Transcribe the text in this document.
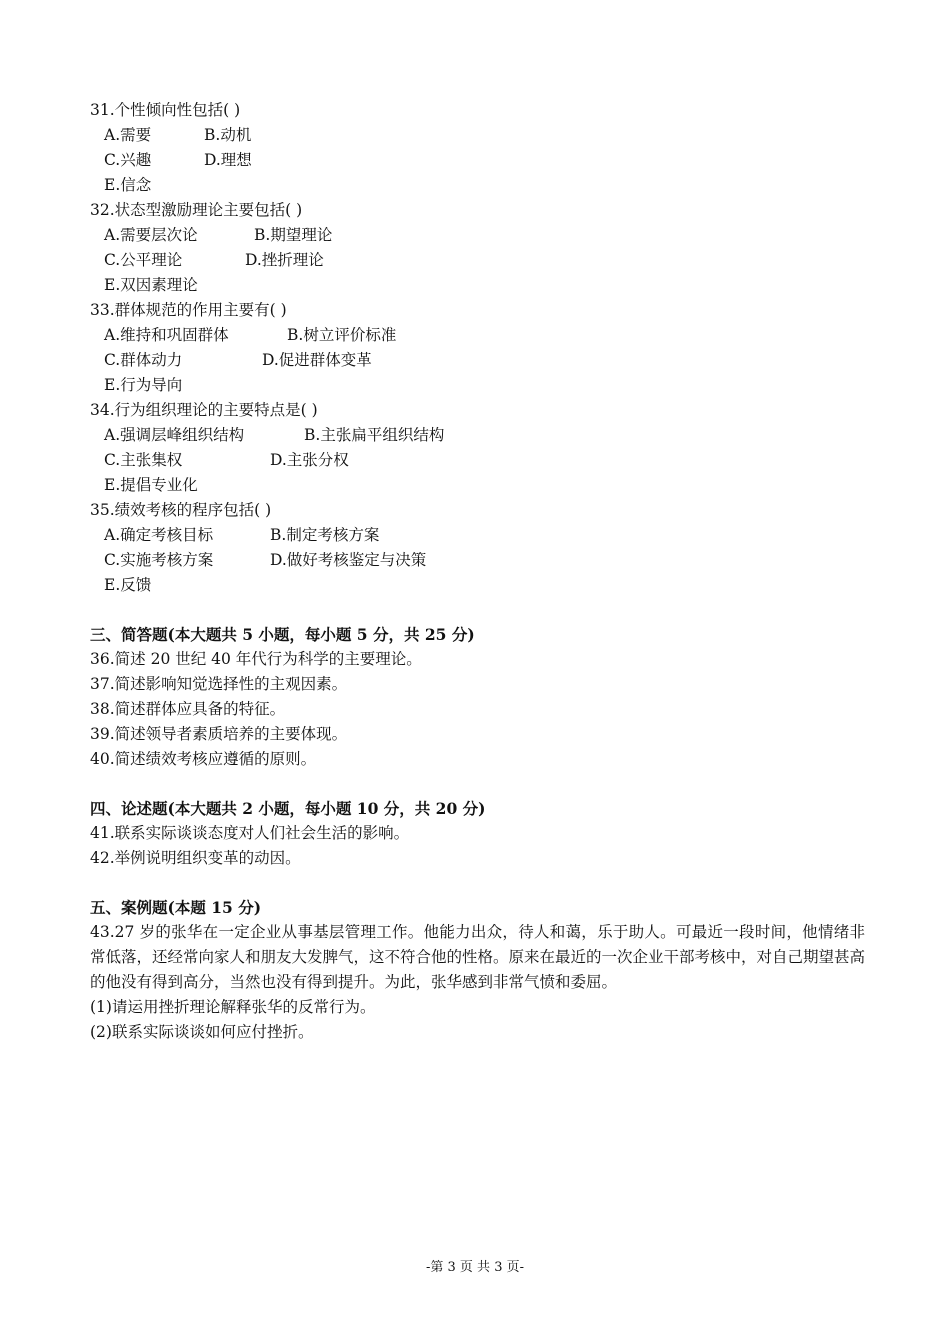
31.个性倾向性包括( )
A.需要	B.动机
C.兴趣	D.理想
E.信念
32.状态型激励理论主要包括( )
A.需要层次论	B.期望理论
C.公平理论	D.挫折理论
E.双因素理论
33.群体规范的作用主要有( )
A.维持和巩固群体	B.树立评价标准
C.群体动力	D.促进群体变革
E.行为导向
34.行为组织理论的主要特点是( )
A.强调层峰组织结构	B.主张扁平组织结构
C.主张集权	D.主张分权
E.提倡专业化
35.绩效考核的程序包括( )
A.确定考核目标	B.制定考核方案
C.实施考核方案	D.做好考核鉴定与决策
E.反馈
三、简答题(本大题共 5 小题，每小题 5 分，共 25 分)
36.简述 20 世纪 40 年代行为科学的主要理论。
37.简述影响知觉选择性的主观因素。
38.简述群体应具备的特征。
39.简述领导者素质培养的主要体现。
40.简述绩效考核应遵循的原则。
四、论述题(本大题共 2 小题，每小题 10 分，共 20 分)
41.联系实际谈谈态度对人们社会生活的影响。
42.举例说明组织变革的动因。
五、案例题(本题 15 分)
43.27 岁的张华在一定企业从事基层管理工作。他能力出众，待人和蔼，乐于助人。可最近一段时间，他情绪非常低落，还经常向家人和朋友大发脾气，这不符合他的性格。原来在最近的一次企业干部考核中，对自己期望甚高的他没有得到高分，当然也没有得到提升。为此，张华感到非常气愤和委屈。
(1)请运用挫折理论解释张华的反常行为。
(2)联系实际谈谈如何应付挫折。
-第 3 页 共 3 页-
